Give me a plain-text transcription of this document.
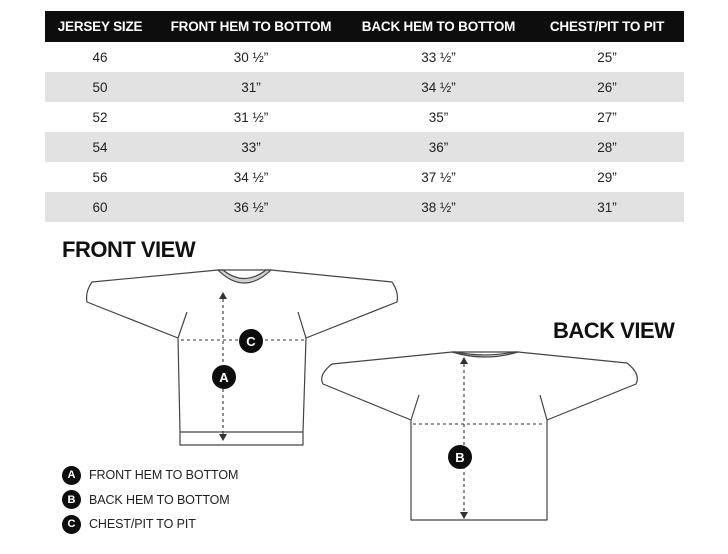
JERSEY SIZE	FRONT HEM TO BOTTOM	BACK HEM TO BOTTOM	CHEST/PIT TO PIT
46	30 ½”	33 ½”	25”
50	31”	34 ½”	26”
52	31 ½”	35”	27”
54	33”	36”	28”
56	34 ½”	37 ½”	29”
60	36 ½”	38 ½”	31”
FRONT VIEW
BACK VIEW
C
A
B
A	FRONT HEM TO BOTTOM
B	BACK HEM TO BOTTOM
C	CHEST/PIT TO PIT
